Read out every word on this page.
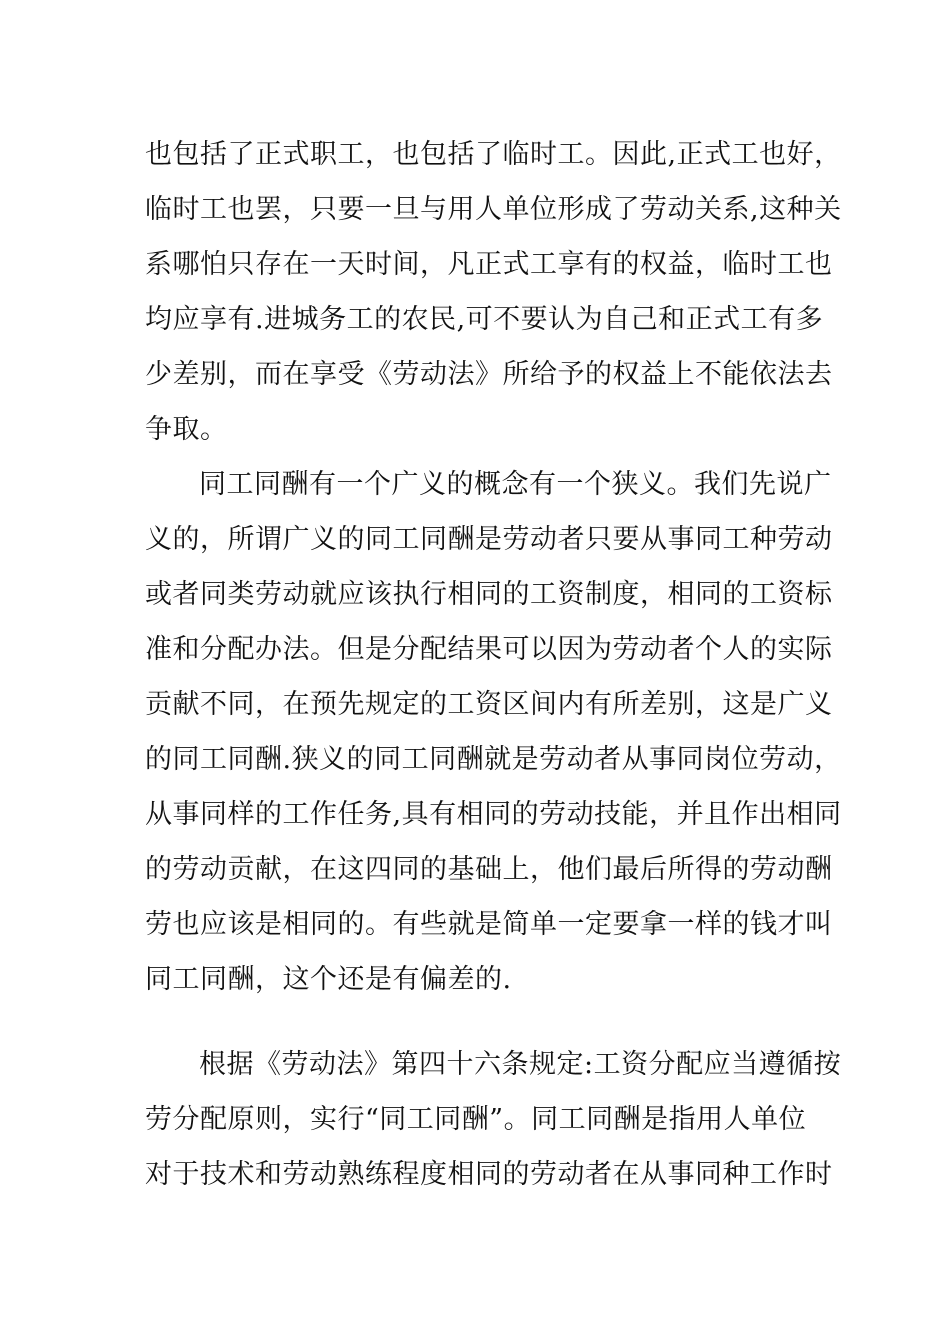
也包括了正式职工，也包括了临时工。因此,正式工也好，
临时工也罢，只要一旦与用人单位形成了劳动关系,这种关
系哪怕只存在一天时间，凡正式工享有的权益，临时工也
均应享有.进城务工的农民,可不要认为自己和正式工有多
少差别，而在享受《劳动法》所给予的权益上不能依法去
争取。
同工同酬有一个广义的概念有一个狭义。我们先说广
义的，所谓广义的同工同酬是劳动者只要从事同工种劳动
或者同类劳动就应该执行相同的工资制度，相同的工资标
准和分配办法。但是分配结果可以因为劳动者个人的实际
贡献不同，在预先规定的工资区间内有所差别，这是广义
的同工同酬.狭义的同工同酬就是劳动者从事同岗位劳动，
从事同样的工作任务,具有相同的劳动技能，并且作出相同
的劳动贡献，在这四同的基础上，他们最后所得的劳动酬
劳也应该是相同的。有些就是简单一定要拿一样的钱才叫
同工同酬，这个还是有偏差的.
根据《劳动法》第四十六条规定:工资分配应当遵循按
劳分配原则，实行“同工同酬”。同工同酬是指用人单位
对于技术和劳动熟练程度相同的劳动者在从事同种工作时
